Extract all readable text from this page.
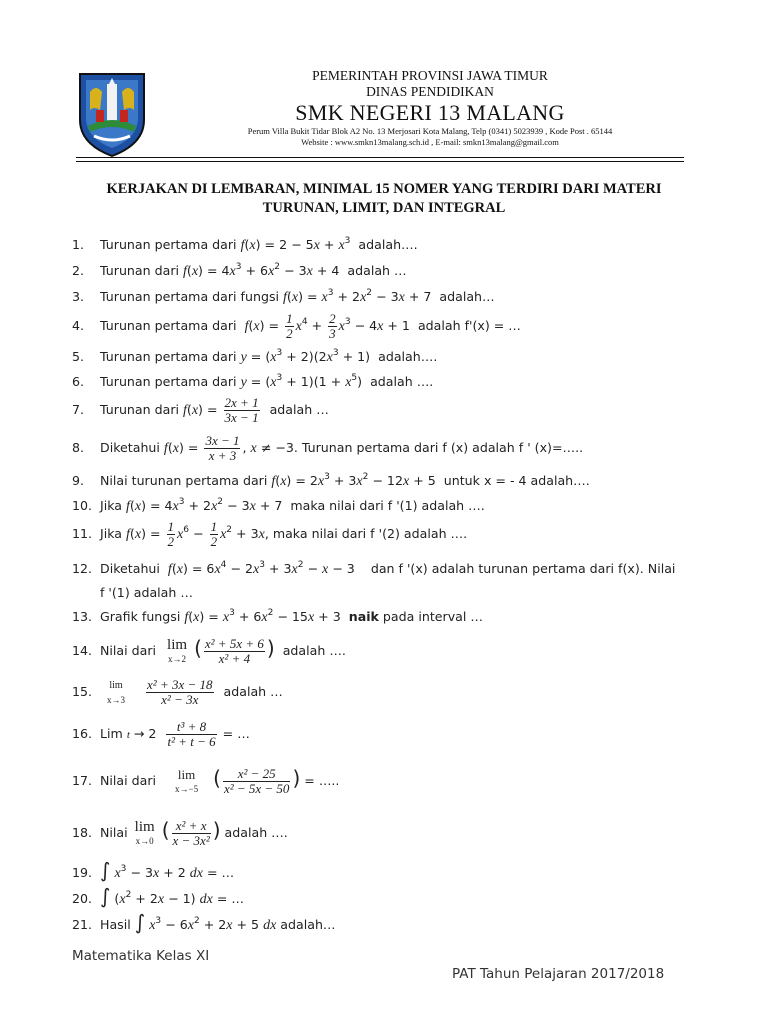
PEMERINTAH PROVINSI JAWA TIMUR
DINAS PENDIDIKAN
SMK NEGERI 13 MALANG
Perum Villa Bukit Tidar Blok A2 No. 13 Merjosari Kota Malang, Telp (0341) 5023939 , Kode Post . 65144
Website : www.smkn13malang.sch.id , E-mail: smkn13malang@gmail.com
KERJAKAN DI LEMBARAN, MINIMAL 15 NOMER YANG TERDIRI DARI MATERI TURUNAN, LIMIT, DAN INTEGRAL
1. Turunan pertama dari $f(x) = 2 - 5x + x^3$ adalah….
2. Turunan dari $f(x) = 4x^3 + 6x^2 - 3x + 4$  adalah …
3. Turunan pertama dari fungsi $f(x) = x^3 + 2x^2 - 3x + 7$  adalah…
4. Turunan pertama dari $f(x) = \frac{1}{2} x^4 + \frac{2}{3} x^3 - 4x + 1$  adalah f'(x) = …
5. Turunan pertama dari $y = (x^3 + 2)(2x^3 + 1)$  adalah….
6. Turunan pertama dari $y = (x^3 + 1)(1 + x^5)$  adalah ….
7. Turunan dari $f(x) = \frac{2x + 1}{3x - 1}$ adalah …
8. Diketahui $f(x) = \frac{3x - 1}{x + 3}$ , x ≠ −3. Turunan pertama dari f (x) adalah f ' (x)=…..
9. Nilai turunan pertama dari $f(x) = 2x^3 + 3x^2 - 12x + 5$  untuk x = - 4 adalah….
10. Jika $f(x) = 4x^3 + 2x^2 - 3x + 7$  maka nilai dari f '(1) adalah ….
11. Jika $f(x) = \frac{1}{2} x^6 - \frac{1}{2} x^2 + 3x$, maka nilai dari f '(2) adalah ….
12. Diketahui $f(x) = 6x^4 - 2x^3 + 3x^2 - x - 3$    dan f '(x) adalah turunan pertama dari f(x). Nilai
f '(1) adalah …
13. Grafik fungsi $f(x) = x^3 + 6x^2 - 15x + 3$  naik pada interval …
14. Nilai dari lim
x→2 ( $\frac{\text{x² + 5x + 6}}{\text{x² + 4}}$ ) adalah ….
15.	lim
x→3
$\frac{\text{x² + 3x − 18}}{\text{x² − 3x}}$ adalah …
16. Lim $t \to 2 \frac{\text{t³ + 8}}{\text{t² + t − 6}}$ = …
17. Nilai dari lim
x→−5 ( $\frac{\text{x² − 25}}{\text{x² − 5x − 50}}$ ) = …..
18. Nilai lim
x→0 ( $\frac{\text{x² + x}}{\text{x − 3x²}}$ ) adalah ….
19. ∫ $x^3 - 3x + 2$ dx = …
20. ∫ $(x^2 + 2x - 1)$ dx = …
21. Hasil ∫ $x^3 - 6x^2 + 2x + 5$ dx adalah…
Matematika Kelas XI
PAT Tahun Pelajaran 2017/2018
